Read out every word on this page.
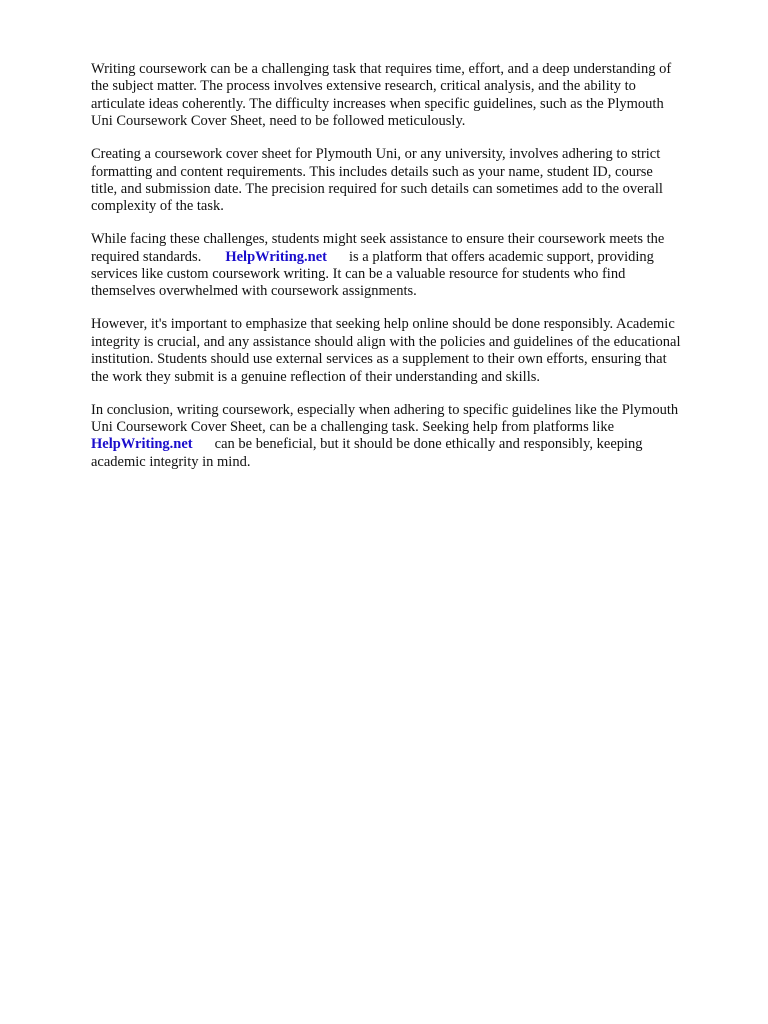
Writing coursework can be a challenging task that requires time, effort, and a deep understanding of
the subject matter. The process involves extensive research, critical analysis, and the ability to
articulate ideas coherently. The difficulty increases when specific guidelines, such as the Plymouth
Uni Coursework Cover Sheet, need to be followed meticulously.

Creating a coursework cover sheet for Plymouth Uni, or any university, involves adhering to strict
formatting and content requirements. This includes details such as your name, student ID, course
title, and submission date. The precision required for such details can sometimes add to the overall
complexity of the task.

While facing these challenges, students might seek assistance to ensure their coursework meets the
required standards. HelpWriting.net is a platform that offers academic support, providing
services like custom coursework writing. It can be a valuable resource for students who find
themselves overwhelmed with coursework assignments.

However, it's important to emphasize that seeking help online should be done responsibly. Academic
integrity is crucial, and any assistance should align with the policies and guidelines of the educational
institution. Students should use external services as a supplement to their own efforts, ensuring that
the work they submit is a genuine reflection of their understanding and skills.

In conclusion, writing coursework, especially when adhering to specific guidelines like the Plymouth
Uni Coursework Cover Sheet, can be a challenging task. Seeking help from platforms like
HelpWriting.net can be beneficial, but it should be done ethically and responsibly, keeping
academic integrity in mind.
